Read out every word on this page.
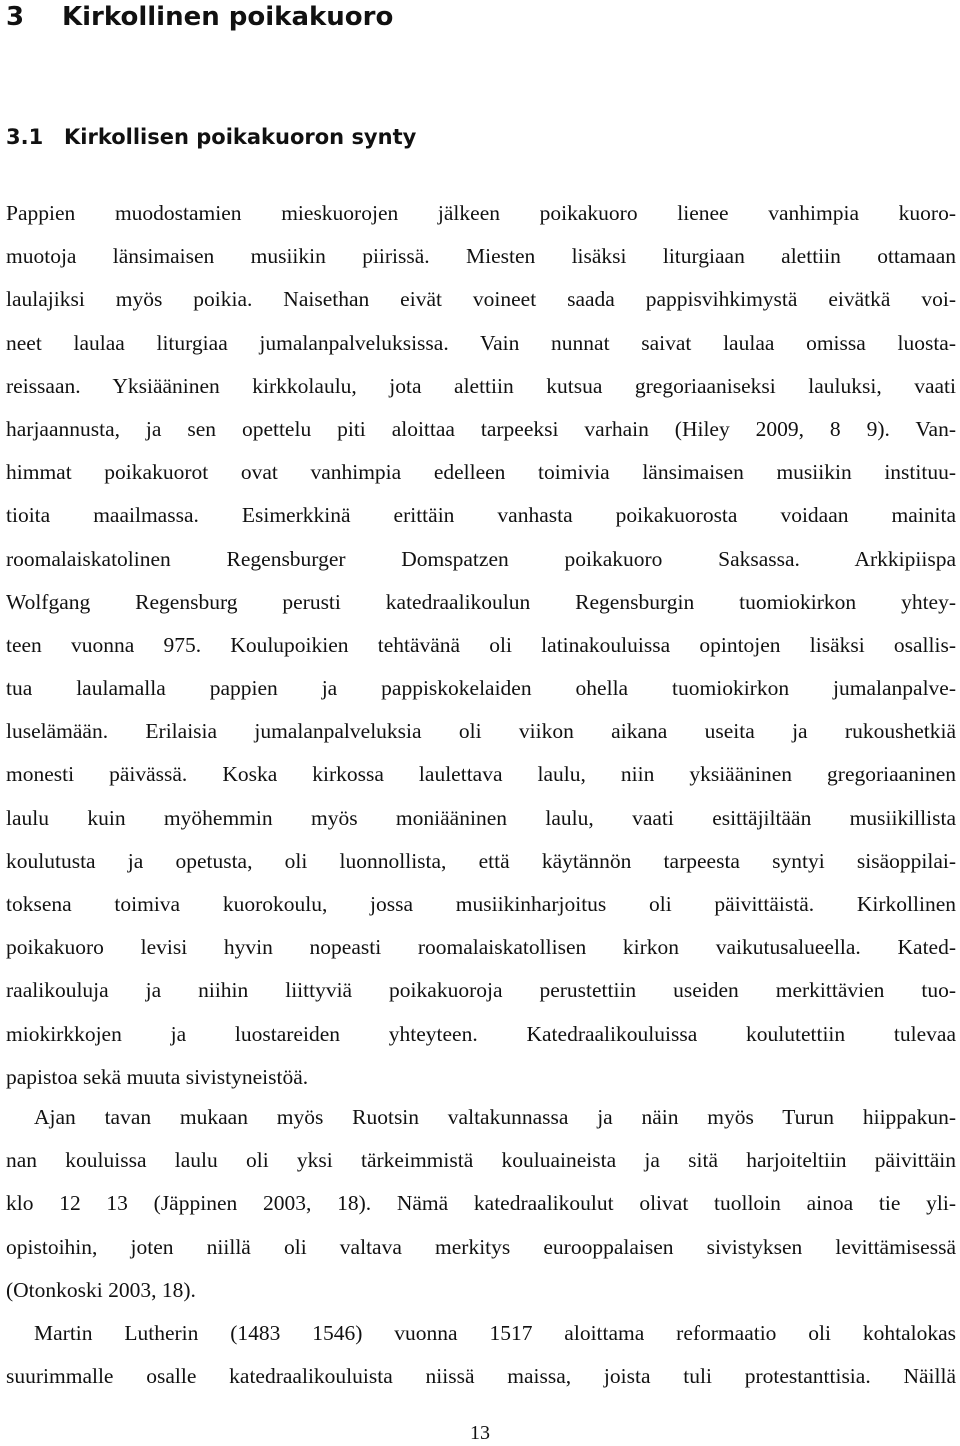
3 Kirkollinen poikakuoro
3.1 Kirkollisen poikakuoron synty
Pappien muodostamien mieskuorojen jälkeen poikakuoro lienee vanhimpia kuoro-
muotoja länsimaisen musiikin piirissä. Miesten lisäksi liturgiaan alettiin ottamaan
laulajiksi myös poikia. Naisethan eivät voineet saada pappisvihkimystä eivätkä voi-
neet laulaa liturgiaa jumalanpalveluksissa. Vain nunnat saivat laulaa omissa luosta-
reissaan. Yksiääninen kirkkolaulu, jota alettiin kutsua gregoriaaniseksi lauluksi, vaati
harjaannusta, ja sen opettelu piti aloittaa tarpeeksi varhain (Hiley 2009, 8 9). Van-
himmat poikakuorot ovat vanhimpia edelleen toimivia länsimaisen musiikin instituu-
tioita maailmassa. Esimerkkinä erittäin vanhasta poikakuorosta voidaan mainita
roomalaiskatolinen Regensburger Domspatzen poikakuoro Saksassa. Arkkipiispa
Wolfgang Regensburg perusti katedraalikoulun Regensburgin tuomiokirkon yhtey-
teen vuonna 975. Koulupoikien tehtävänä oli latinakouluissa opintojen lisäksi osallis-
tua laulamalla pappien ja pappiskokelaiden ohella tuomiokirkon jumalanpalve-
luselämään. Erilaisia jumalanpalveluksia oli viikon aikana useita ja rukoushetkiä
monesti päivässä. Koska kirkossa laulettava laulu, niin yksiääninen gregoriaaninen
laulu kuin myöhemmin myös moniääninen laulu, vaati esittäjiltään musiikillista
koulutusta ja opetusta, oli luonnollista, että käytännön tarpeesta syntyi sisäoppilai-
toksena toimiva kuorokoulu, jossa musiikinharjoitus oli päivittäistä. Kirkollinen
poikakuoro levisi hyvin nopeasti roomalaiskatollisen kirkon vaikutusalueella. Kated-
raalikouluja ja niihin liittyviä poikakuoroja perustettiin useiden merkittävien tuo-
miokirkkojen ja luostareiden yhteyteen. Katedraalikouluissa koulutettiin tulevaa
papistoa sekä muuta sivistyneistöä.
Ajan tavan mukaan myös Ruotsin valtakunnassa ja näin myös Turun hiippakun-
nan kouluissa laulu oli yksi tärkeimmistä kouluaineista ja sitä harjoiteltiin päivittäin
klo 12 13 (Jäppinen 2003, 18). Nämä katedraalikoulut olivat tuolloin ainoa tie yli-
opistoihin, joten niillä oli valtava merkitys eurooppalaisen sivistyksen levittämisessä
(Otonkoski 2003, 18).
Martin Lutherin (1483 1546) vuonna 1517 aloittama reformaatio oli kohtalokas
suurimmalle osalle katedraalikouluista niissä maissa, joista tuli protestanttisia. Näillä
13
